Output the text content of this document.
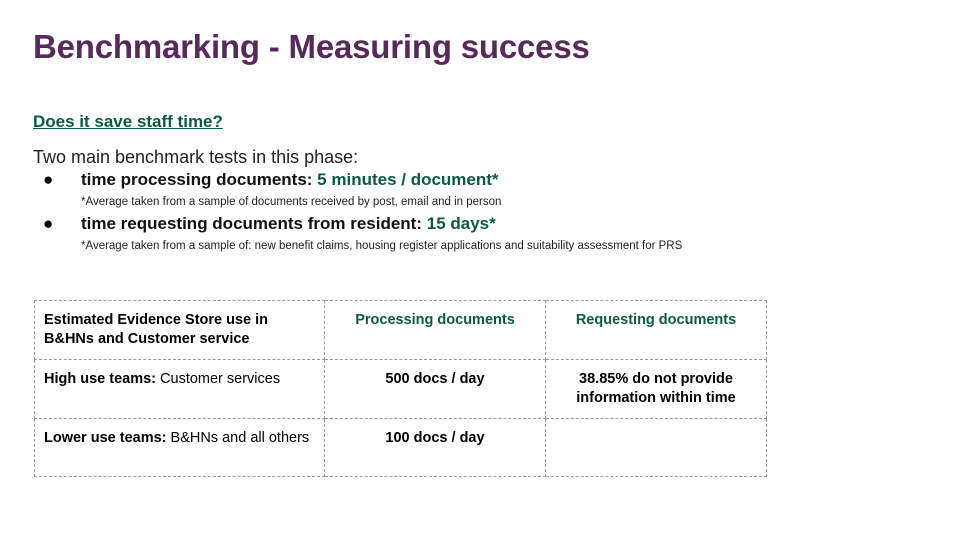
Benchmarking - Measuring success
Does it save staff time?
Two main benchmark tests in this phase:
● time processing documents: 5 minutes / document*
*Average taken from a sample of documents received by post, email and in person
● time requesting documents from resident: 15 days*
*Average taken from a sample of: new benefit claims, housing register applications and suitability assessment for PRS
Estimated Evidence Store use in B&HNs and Customer service	Processing documents	Requesting documents
High use teams: Customer services	500 docs / day	38.85% do not provide information within time
Lower use teams: B&HNs and all others	100 docs / day	
